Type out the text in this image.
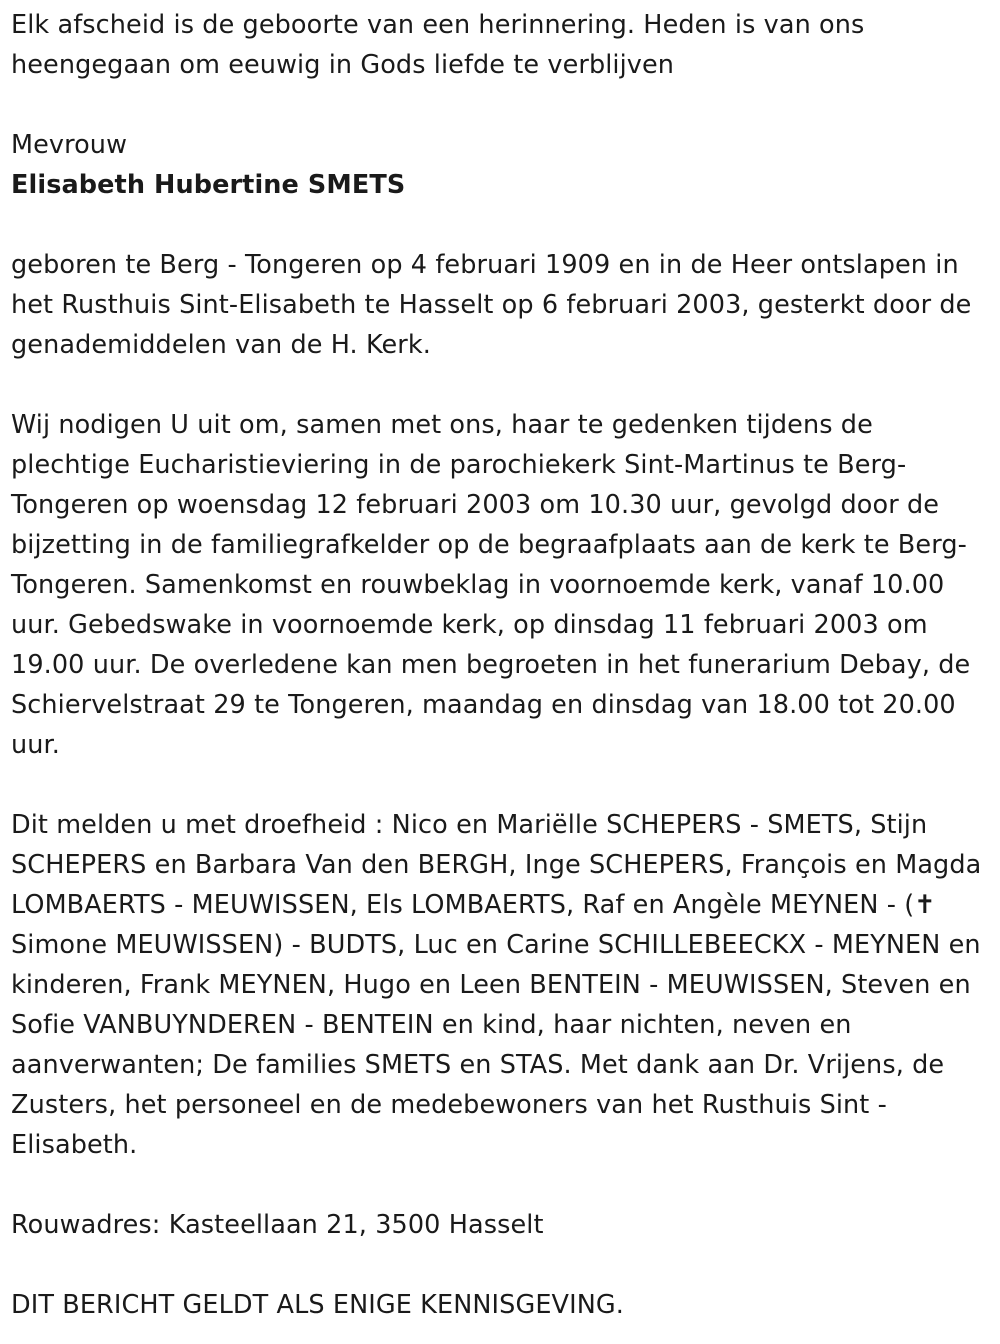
Elk afscheid is de geboorte van een herinnering. Heden is van ons heengegaan om eeuwig in Gods liefde te verblijven

Mevrouw

Elisabeth Hubertine SMETS

geboren te Berg - Tongeren op 4 februari 1909 en in de Heer ontslapen in het Rusthuis Sint-Elisabeth te Hasselt op 6 februari 2003, gesterkt door de genademiddelen van de H. Kerk.

Wij nodigen U uit om, samen met ons, haar te gedenken tijdens de plechtige Eucharistieviering in de parochiekerk Sint-Martinus te Berg-Tongeren op woensdag 12 februari 2003 om 10.30 uur, gevolgd door de bijzetting in de familiegrafkelder op de begraafplaats aan de kerk te Berg-Tongeren. Samenkomst en rouwbeklag in voornoemde kerk, vanaf 10.00 uur. Gebedswake in voornoemde kerk, op dinsdag 11 februari 2003 om 19.00 uur. De overledene kan men begroeten in het funerarium Debay, de Schiervelstraat 29 te Tongeren, maandag en dinsdag van 18.00 tot 20.00 uur.

Dit melden u met droefheid : Nico en Mariëlle SCHEPERS - SMETS, Stijn SCHEPERS en Barbara Van den BERGH, Inge SCHEPERS, François en Magda LOMBAERTS - MEUWISSEN, Els LOMBAERTS, Raf en Angèle MEYNEN - (✝ Simone MEUWISSEN) - BUDTS, Luc en Carine SCHILLEBEECKX - MEYNEN en kinderen, Frank MEYNEN, Hugo en Leen BENTEIN - MEUWISSEN, Steven en Sofie VANBUYNDEREN - BENTEIN en kind, haar nichten, neven en aanverwanten; De families SMETS en STAS. Met dank aan Dr. Vrijens, de Zusters, het personeel en de medebewoners van het Rusthuis Sint - Elisabeth.

Rouwadres: Kasteellaan 21, 3500 Hasselt

DIT BERICHT GELDT ALS ENIGE KENNISGEVING.
